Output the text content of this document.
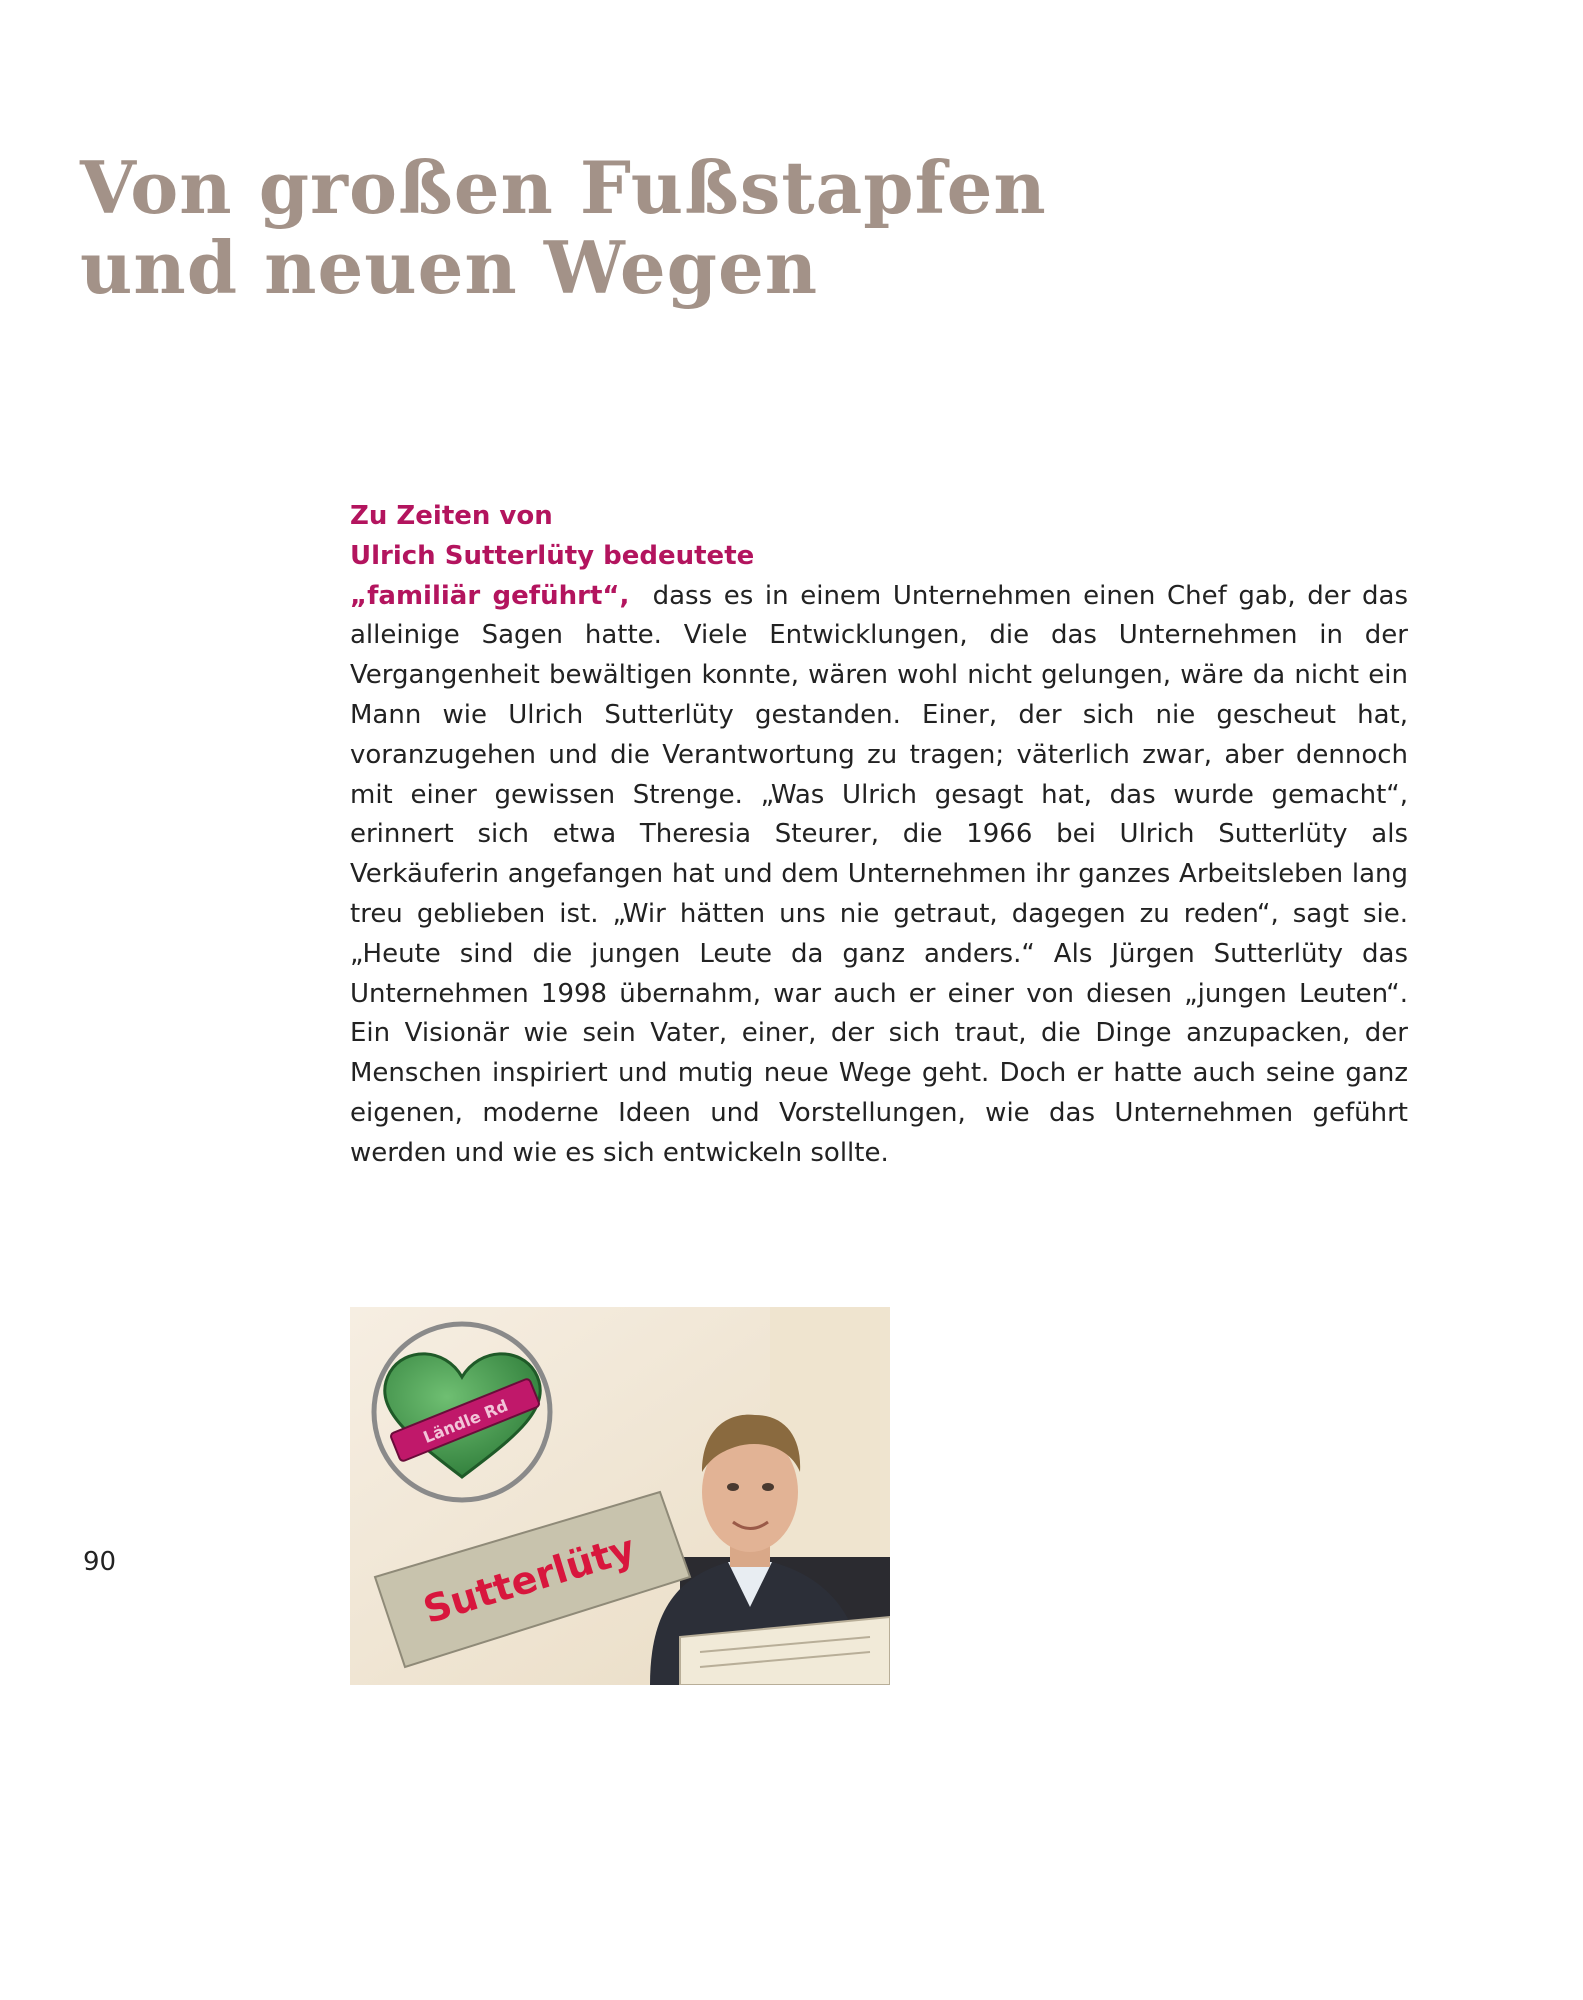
Von großen Fußstapfen
und neuen Wegen

Zu Zeiten von
Ulrich Sutterlüty bedeutete
„familiär geführt“, dass es in einem Unternehmen einen Chef gab, der das alleinige Sagen hatte. Viele Entwicklungen, die das Unternehmen in der Vergangenheit bewältigen konnte, wären wohl nicht gelungen, wäre da nicht ein Mann wie Ulrich Sutterlüty gestanden. Einer, der sich nie gescheut hat, voranzugehen und die Verantwortung zu tragen; väterlich zwar, aber dennoch mit einer gewissen Strenge. „Was Ulrich gesagt hat, das wurde gemacht“, erinnert sich etwa Theresia Steurer, die 1966 bei Ulrich Sutterlüty als Verkäuferin angefangen hat und dem Unternehmen ihr ganzes Arbeitsleben lang treu geblieben ist. „Wir hätten uns nie getraut, dagegen zu reden“, sagt sie. „Heute sind die jungen Leute da ganz anders.“ Als Jürgen Sutterlüty das Unternehmen 1998 übernahm, war auch er einer von diesen „jungen Leuten“. Ein Visionär wie sein Vater, einer, der sich traut, die Dinge anzupacken, der Menschen inspiriert und mutig neue Wege geht. Doch er hatte auch seine ganz eigenen, moderne Ideen und Vorstellungen, wie das Unternehmen geführt werden und wie es sich entwickeln sollte.

Ländle Rd
Sutterlüty
90
